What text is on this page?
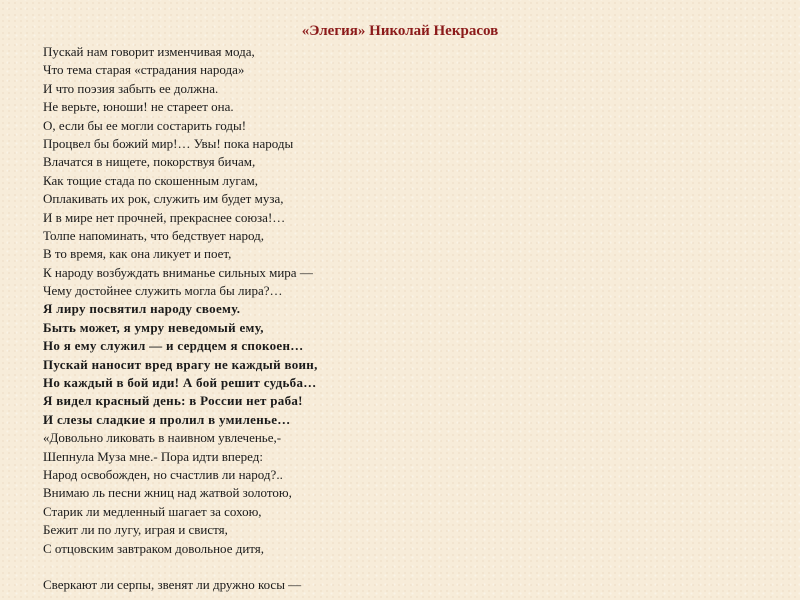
«Элегия» Николай Некрасов
Пускай нам говорит изменчивая мода,
Что тема старая «страдания народа»
И что поэзия забыть ее должна.
Не верьте, юноши! не стареет она.
О, если бы ее могли состарить годы!
Процвел бы божий мир!… Увы! пока народы
Влачатся в нищете, покорствуя бичам,
Как тощие стада по скошенным лугам,
Оплакивать их рок, служить им будет муза,
И в мире нет прочней, прекраснее союза!…
Толпе напоминать, что бедствует народ,
В то время, как она ликует и поет,
К народу возбуждать вниманье сильных мира —
Чему достойнее служить могла бы лира?…
Я лиру посвятил народу своему.
Быть может, я умру неведомый ему,
Но я ему служил — и сердцем я спокоен…
Пускай наносит вред врагу не каждый воин,
Но каждый в бой иди! А бой решит судьба…
Я видел красный день: в России нет раба!
И слезы сладкие я пролил в умиленье…
«Довольно ликовать в наивном увлеченье,-
Шепнула Муза мне.- Пора идти вперед:
Народ освобожден, но счастлив ли народ?..
Внимаю ль песни жниц над жатвой золотою,
Старик ли медленный шагает за сохою,
Бежит ли по лугу, играя и свистя,
С отцовским завтраком довольное дитя,
Сверкают ли серпы, звенят ли дружно косы —
